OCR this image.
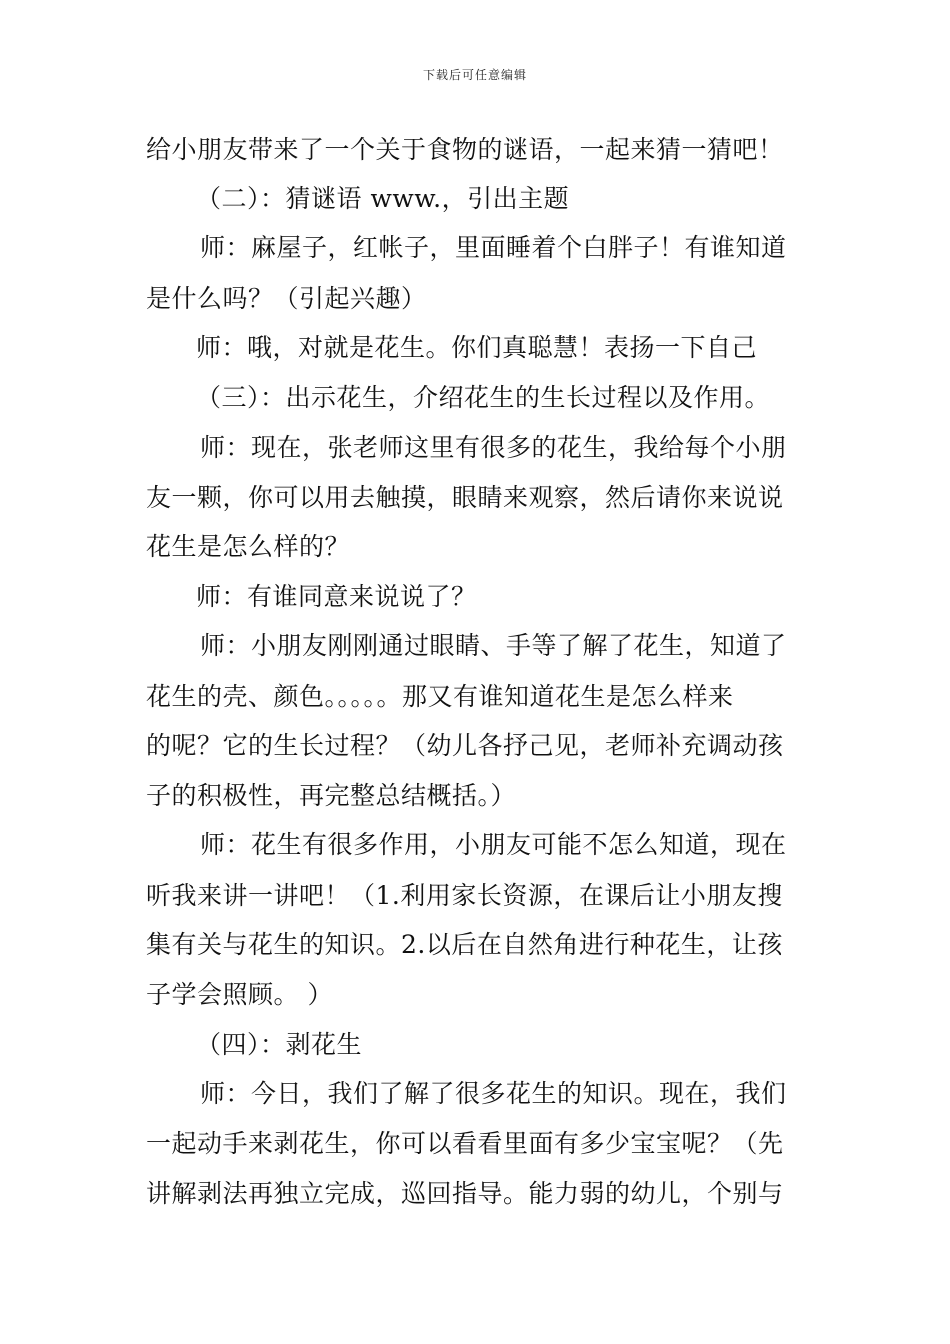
下载后可任意编辑
给小朋友带来了一个关于食物的谜语，一起来猜一猜吧！
（二）：猜谜语 www.，引出主题
师：麻屋子，红帐子，里面睡着个白胖子！有谁知道
是什么吗？（引起兴趣）
师：哦，对就是花生。你们真聪慧！表扬一下自己
（三）：出示花生，介绍花生的生长过程以及作用。
师：现在，张老师这里有很多的花生，我给每个小朋
友一颗，你可以用去触摸，眼睛来观察，然后请你来说说
花生是怎么样的？
师：有谁同意来说说了？
师：小朋友刚刚通过眼睛、手等了解了花生，知道了
花生的壳、颜色。。。。。那又有谁知道花生是怎么样来
的呢？它的生长过程？（幼儿各抒己见，老师补充调动孩
子的积极性，再完整总结概括。）
师：花生有很多作用，小朋友可能不怎么知道，现在
听我来讲一讲吧！（1.利用家长资源，在课后让小朋友搜
集有关与花生的知识。2.以后在自然角进行种花生，让孩
子学会照顾。 ）
（四）：剥花生
师：今日，我们了解了很多花生的知识。现在，我们
一起动手来剥花生，你可以看看里面有多少宝宝呢？（先
讲解剥法再独立完成，巡回指导。能力弱的幼儿，个别与
